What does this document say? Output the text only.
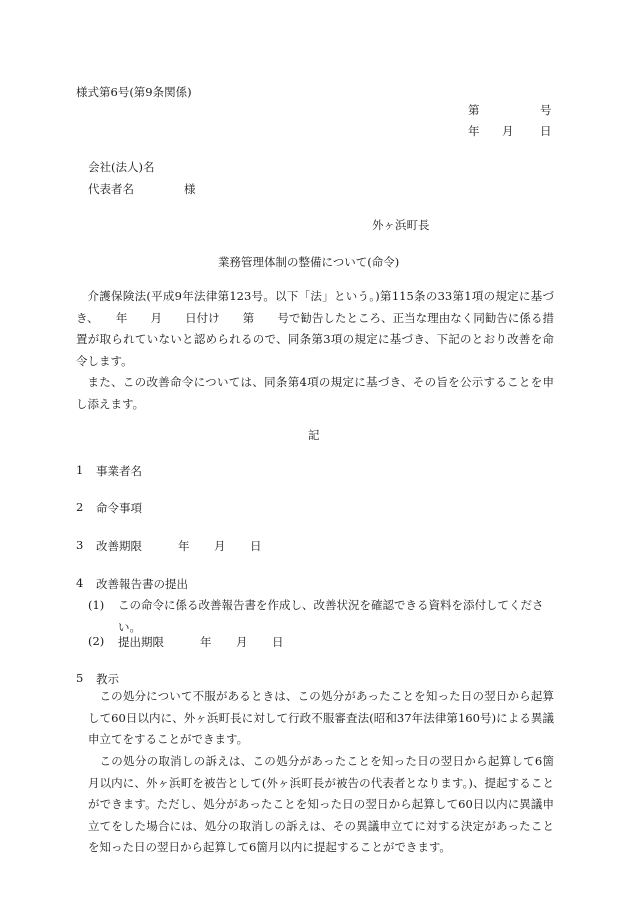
様式第6号(第9条関係)
第	号
年 月 日
会社(法人)名
代表者名	様
外ヶ浜町長
業務管理体制の整備について(命令)
介護保険法(平成9年法律第123号。以下「法」という。)第115条の33第1項の規定に基づき、　　年　　月　　日付け　　第　　号で勧告したところ、正当な理由なく同勧告に係る措置が取られていないと認められるので、同条第3項の規定に基づき、下記のとおり改善を命令します。
また、この改善命令については、同条第4項の規定に基づき、その旨を公示することを申し添えます。
記
1 事業者名
2 命令事項
3 改善期限	年 月 日
4 改善報告書の提出
(1) この命令に係る改善報告書を作成し、改善状況を確認できる資料を添付してください。
(2) 提出期限	年 月 日
5 教示
この処分について不服があるときは、この処分があったことを知った日の翌日から起算して60日以内に、外ヶ浜町長に対して行政不服審査法(昭和37年法律第160号)による異議申立てをすることができます。
この処分の取消しの訴えは、この処分があったことを知った日の翌日から起算して6箇月以内に、外ヶ浜町を被告として(外ヶ浜町長が被告の代表者となります。)、提起することができます。ただし、処分があったことを知った日の翌日から起算して60日以内に異議申立てをした場合には、処分の取消しの訴えは、その異議申立てに対する決定があったことを知った日の翌日から起算して6箇月以内に提起することができます。
